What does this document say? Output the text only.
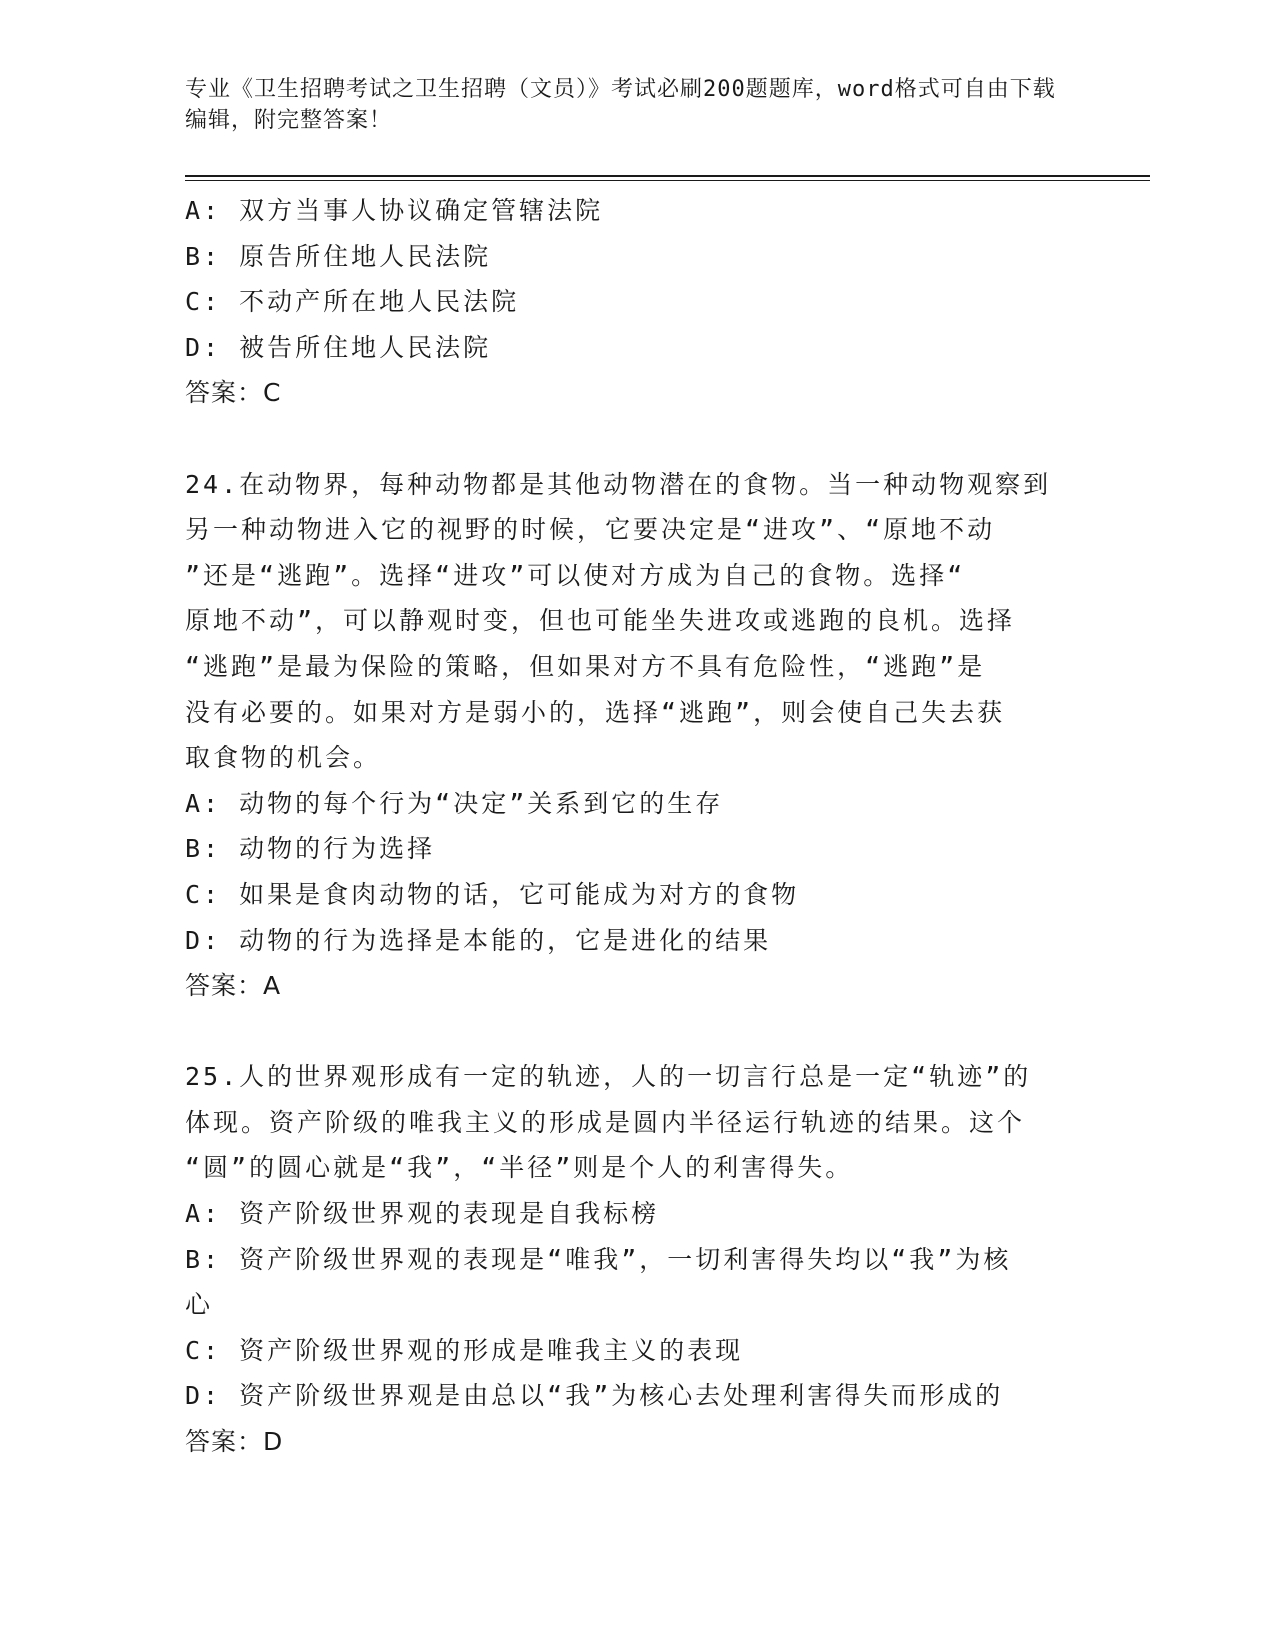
专业《卫生招聘考试之卫生招聘（文员）》考试必刷200题题库，word格式可自由下载编辑，附完整答案！
A: 双方当事人协议确定管辖法院
B: 原告所住地人民法院
C: 不动产所在地人民法院
D: 被告所住地人民法院
答案：C
24.在动物界，每种动物都是其他动物潜在的食物。当一种动物观察到
另一种动物进入它的视野的时候，它要决定是“进攻”、“原地不动
”还是“逃跑”。选择“进攻”可以使对方成为自己的食物。选择“
原地不动”，可以静观时变，但也可能坐失进攻或逃跑的良机。选择
“逃跑”是最为保险的策略，但如果对方不具有危险性，“逃跑”是
没有必要的。如果对方是弱小的，选择“逃跑”，则会使自己失去获
取食物的机会。
A: 动物的每个行为“决定”关系到它的生存
B: 动物的行为选择
C: 如果是食肉动物的话，它可能成为对方的食物
D: 动物的行为选择是本能的，它是进化的结果
答案：A
25.人的世界观形成有一定的轨迹，人的一切言行总是一定“轨迹”的
体现。资产阶级的唯我主义的形成是圆内半径运行轨迹的结果。这个
“圆”的圆心就是“我”，“半径”则是个人的利害得失。
A: 资产阶级世界观的表现是自我标榜
B: 资产阶级世界观的表现是“唯我”，一切利害得失均以“我”为核
心
C: 资产阶级世界观的形成是唯我主义的表现
D: 资产阶级世界观是由总以“我”为核心去处理利害得失而形成的
答案：D
